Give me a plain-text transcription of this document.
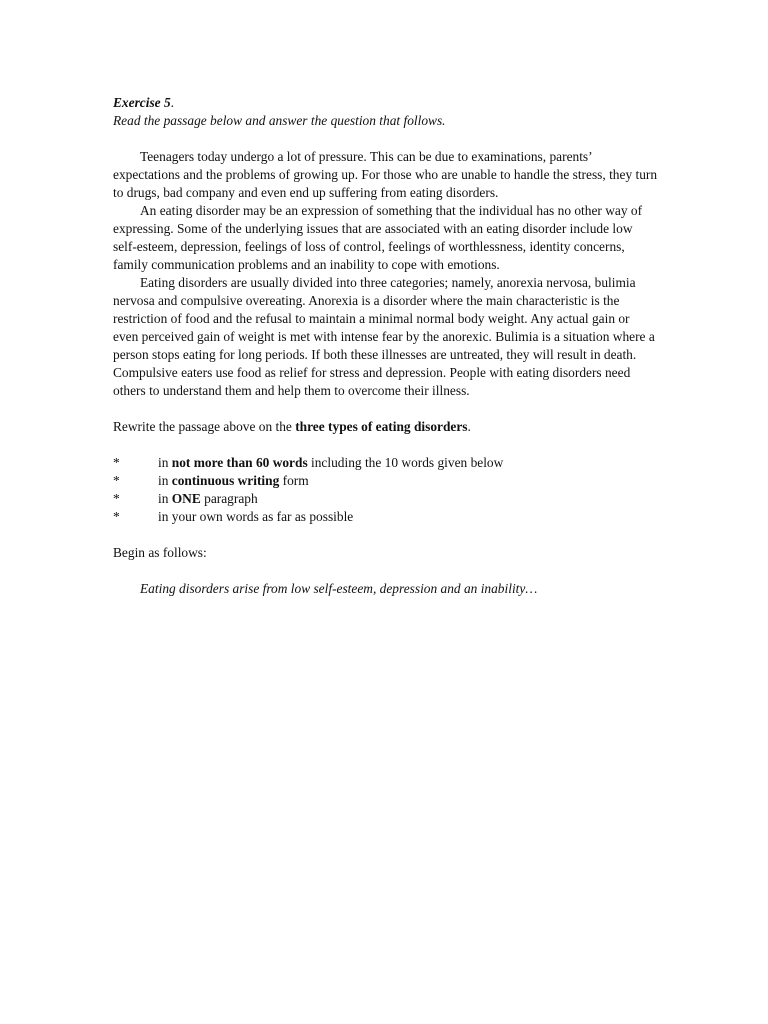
Exercise 5.
Read the passage below and answer the question that follows.

Teenagers today undergo a lot of pressure. This can be due to examinations, parents’ expectations and the problems of growing up. For those who are unable to handle the stress, they turn to drugs, bad company and even end up suffering from eating disorders.

An eating disorder may be an expression of something that the individual has no other way of expressing. Some of the underlying issues that are associated with an eating disorder include low self-esteem, depression, feelings of loss of control, feelings of worthlessness, identity concerns, family communication problems and an inability to cope with emotions.

Eating disorders are usually divided into three categories; namely, anorexia nervosa, bulimia nervosa and compulsive overeating. Anorexia is a disorder where the main characteristic is the restriction of food and the refusal to maintain a minimal normal body weight. Any actual gain or even perceived gain of weight is met with intense fear by the anorexic. Bulimia is a situation where a person stops eating for long periods. If both these illnesses are untreated, they will result in death. Compulsive eaters use food as relief for stress and depression. People with eating disorders need others to understand them and help them to overcome their illness.

Rewrite the passage above on the three types of eating disorders.
*	in not more than 60 words including the 10 words given below
*	in continuous writing form
*	in ONE paragraph
*	in your own words as far as possible
Begin as follows:
Eating disorders arise from low self-esteem, depression and an inability…
